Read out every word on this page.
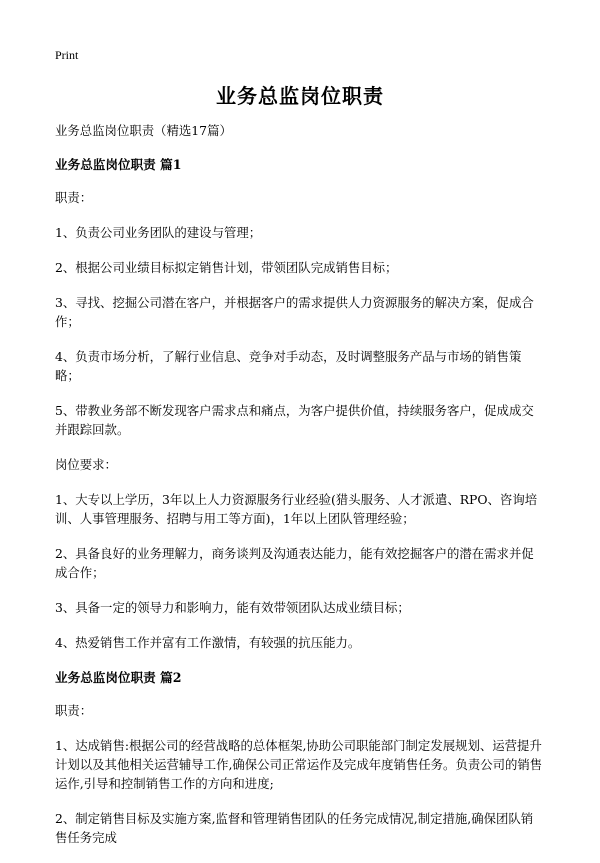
Print
业务总监岗位职责
业务总监岗位职责（精选17篇）
业务总监岗位职责 篇1
职责：
1、负责公司业务团队的建设与管理；
2、根据公司业绩目标拟定销售计划，带领团队完成销售目标；
3、寻找、挖掘公司潜在客户，并根据客户的需求提供人力资源服务的解决方案，促成合作；
4、负责市场分析，了解行业信息、竞争对手动态，及时调整服务产品与市场的销售策略；
5、带教业务部不断发现客户需求点和痛点，为客户提供价值，持续服务客户，促成成交并跟踪回款。
岗位要求：
1、大专以上学历，3年以上人力资源服务行业经验(猎头服务、人才派遣、RPO、咨询培训、人事管理服务、招聘与用工等方面)，1年以上团队管理经验；
2、具备良好的业务理解力，商务谈判及沟通表达能力，能有效挖掘客户的潜在需求并促成合作；
3、具备一定的领导力和影响力，能有效带领团队达成业绩目标；
4、热爱销售工作并富有工作激情，有较强的抗压能力。
业务总监岗位职责 篇2
职责：
1、达成销售:根据公司的经营战略的总体框架,协助公司职能部门制定发展规划、运营提升计划以及其他相关运营辅导工作,确保公司正常运作及完成年度销售任务。负责公司的销售运作,引导和控制销售工作的方向和进度;
2、制定销售目标及实施方案,监督和管理销售团队的任务完成情况,制定措施,确保团队销售任务完成
